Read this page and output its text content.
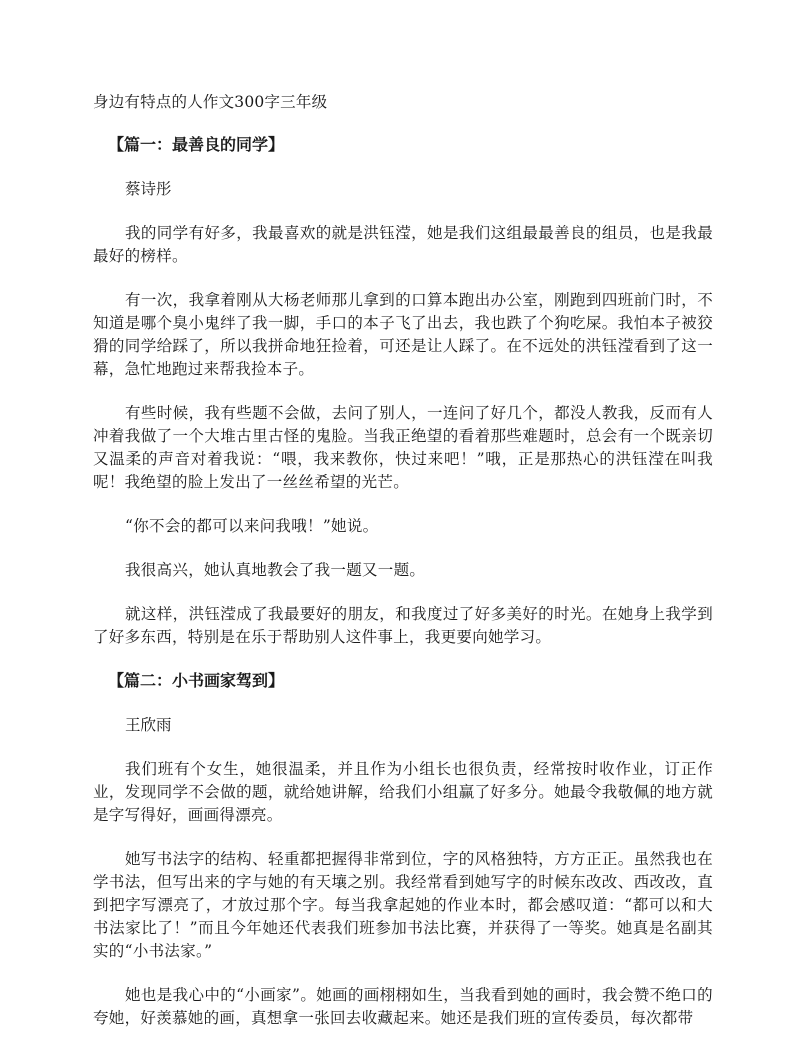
身边有特点的人作文300字三年级
【篇一：最善良的同学】
蔡诗彤

我的同学有好多，我最喜欢的就是洪钰滢，她是我们这组最最善良的组员，也是我最最好的榜样。

有一次，我拿着刚从大杨老师那儿拿到的口算本跑出办公室，刚跑到四班前门时，不知道是哪个臭小鬼绊了我一脚，手口的本子飞了出去，我也跌了个狗吃屎。我怕本子被狡猾的同学给踩了，所以我拼命地狂捡着，可还是让人踩了。在不远处的洪钰滢看到了这一幕，急忙地跑过来帮我捡本子。

有些时候，我有些题不会做，去问了别人，一连问了好几个，都没人教我，反而有人冲着我做了一个大堆古里古怪的鬼脸。当我正绝望的看着那些难题时，总会有一个既亲切又温柔的声音对着我说：“喂，我来教你，快过来吧！”哦，正是那热心的洪钰滢在叫我呢！我绝望的脸上发出了一丝丝希望的光芒。

“你不会的都可以来问我哦！”她说。

我很高兴，她认真地教会了我一题又一题。

就这样，洪钰滢成了我最要好的朋友，和我度过了好多美好的时光。在她身上我学到了好多东西，特别是在乐于帮助别人这件事上，我更要向她学习。

【篇二：小书画家驾到】
王欣雨

我们班有个女生，她很温柔，并且作为小组长也很负责，经常按时收作业，订正作业，发现同学不会做的题，就给她讲解，给我们小组赢了好多分。她最令我敬佩的地方就是字写得好，画画得漂亮。

她写书法字的结构、轻重都把握得非常到位，字的风格独特，方方正正。虽然我也在学书法，但写出来的字与她的有天壤之别。我经常看到她写字的时候东改改、西改改，直到把字写漂亮了，才放过那个字。每当我拿起她的作业本时，都会感叹道：“都可以和大书法家比了！”而且今年她还代表我们班参加书法比赛，并获得了一等奖。她真是名副其实的“小书法家。”

她也是我心中的“小画家”。她画的画栩栩如生，当我看到她的画时，我会赞不绝口的夸她，好羡慕她的画，真想拿一张回去收藏起来。她还是我们班的宣传委员，每次都带
